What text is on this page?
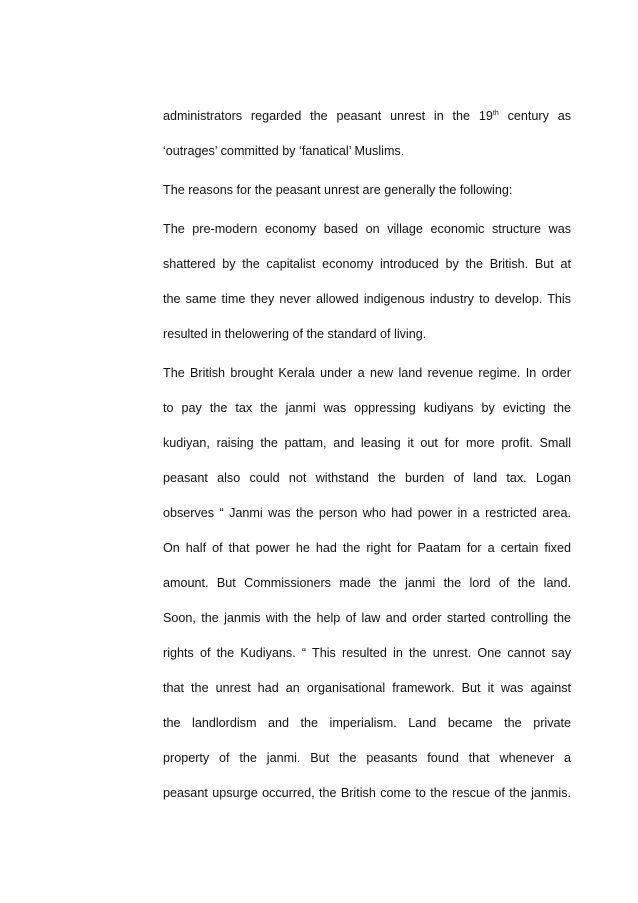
administrators regarded the peasant unrest in the 19th century as
‘outrages’ committed by ‘fanatical’ Muslims.
The reasons for the peasant unrest are generally the following:
The pre-modern economy based on village economic structure was
shattered by the capitalist economy introduced by the British. But at
the same time they never allowed indigenous industry to develop. This
resulted in thelowering of the standard of living.
The British brought Kerala under a new land revenue regime. In order
to pay the tax the janmi was oppressing kudiyans by evicting the
kudiyan, raising the pattam, and leasing it out for more profit. Small
peasant also could not withstand the burden of land tax. Logan
observes “ Janmi was the person who had power in a restricted area.
On half of that power he had the right for Paatam for a certain fixed
amount. But Commissioners made the janmi the lord of the land.
Soon, the janmis with the help of law and order started controlling the
rights of the Kudiyans. “ This resulted in the unrest. One cannot say
that the unrest had an organisational framework. But it was against
the landlordism and the imperialism. Land became the private
property of the janmi. But the peasants found that whenever a
peasant upsurge occurred, the British come to the rescue of the janmis.
